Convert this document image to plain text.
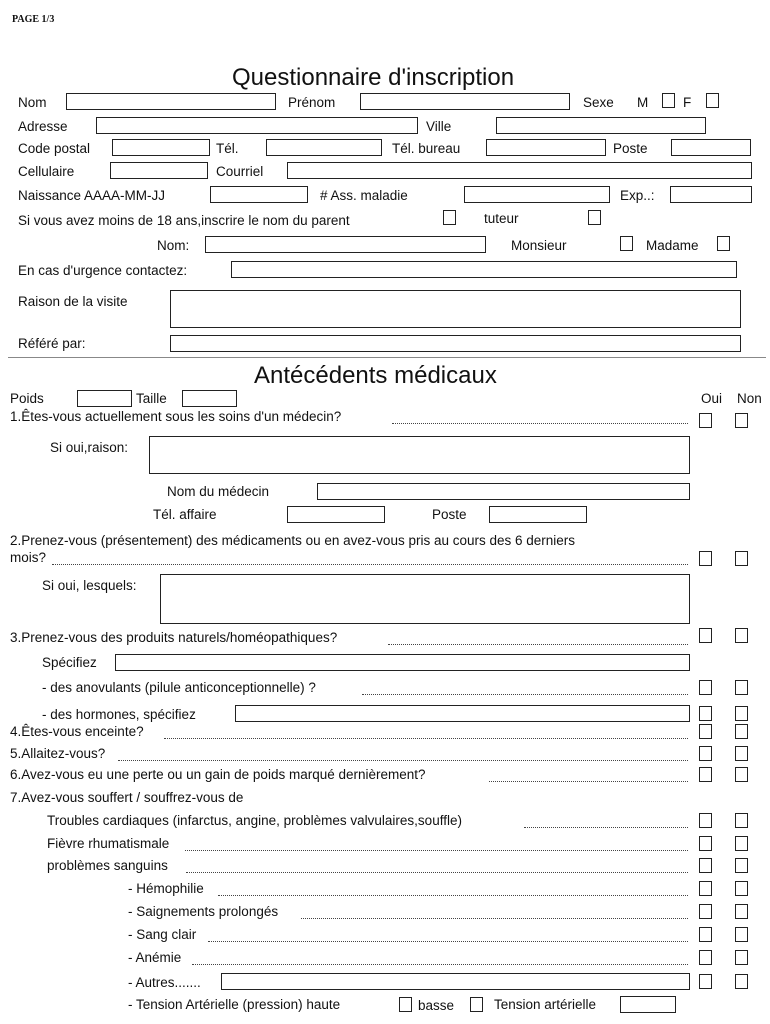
PAGE 1/3
Questionnaire d'inscription
Nom	Prénom	Sexe M	F
Adresse	Ville
Code postal	Tél.	Tél. bureau	Poste
Cellulaire	Courriel
Naissance AAAA-MM-JJ	# Ass. maladie	Exp..:
Si vous avez moins de 18 ans,inscrire le nom du parent	tuteur
Nom:	Monsieur	Madame
En cas d'urgence contactez:
Raison de la visite
Référé par:
Antécédents médicaux
Poids	Taille	Oui Non
1.Êtes-vous actuellement sous les soins d'un médecin?
Si oui,raison:
Nom du médecin
Tél. affaire	Poste
2.Prenez-vous (présentement) des médicaments ou en avez-vous pris au cours des 6 derniers
mois?
Si oui, lesquels:
3.Prenez-vous des produits naturels/homéopathiques?
Spécifiez
- des anovulants (pilule anticonceptionnelle) ?
- des hormones, spécifiez
4.Êtes-vous enceinte?
5.Allaitez-vous?
6.Avez-vous eu une perte ou un gain de poids marqué dernièrement?
7.Avez-vous souffert / souffrez-vous de
Troubles cardiaques (infarctus, angine, problèmes valvulaires,souffle)
Fièvre rhumatismale
problèmes sanguins
- Hémophilie
- Saignements prolongés
- Sang clair
- Anémie
- Autres.......
- Tension Artérielle (pression) haute	basse	Tension artérielle
